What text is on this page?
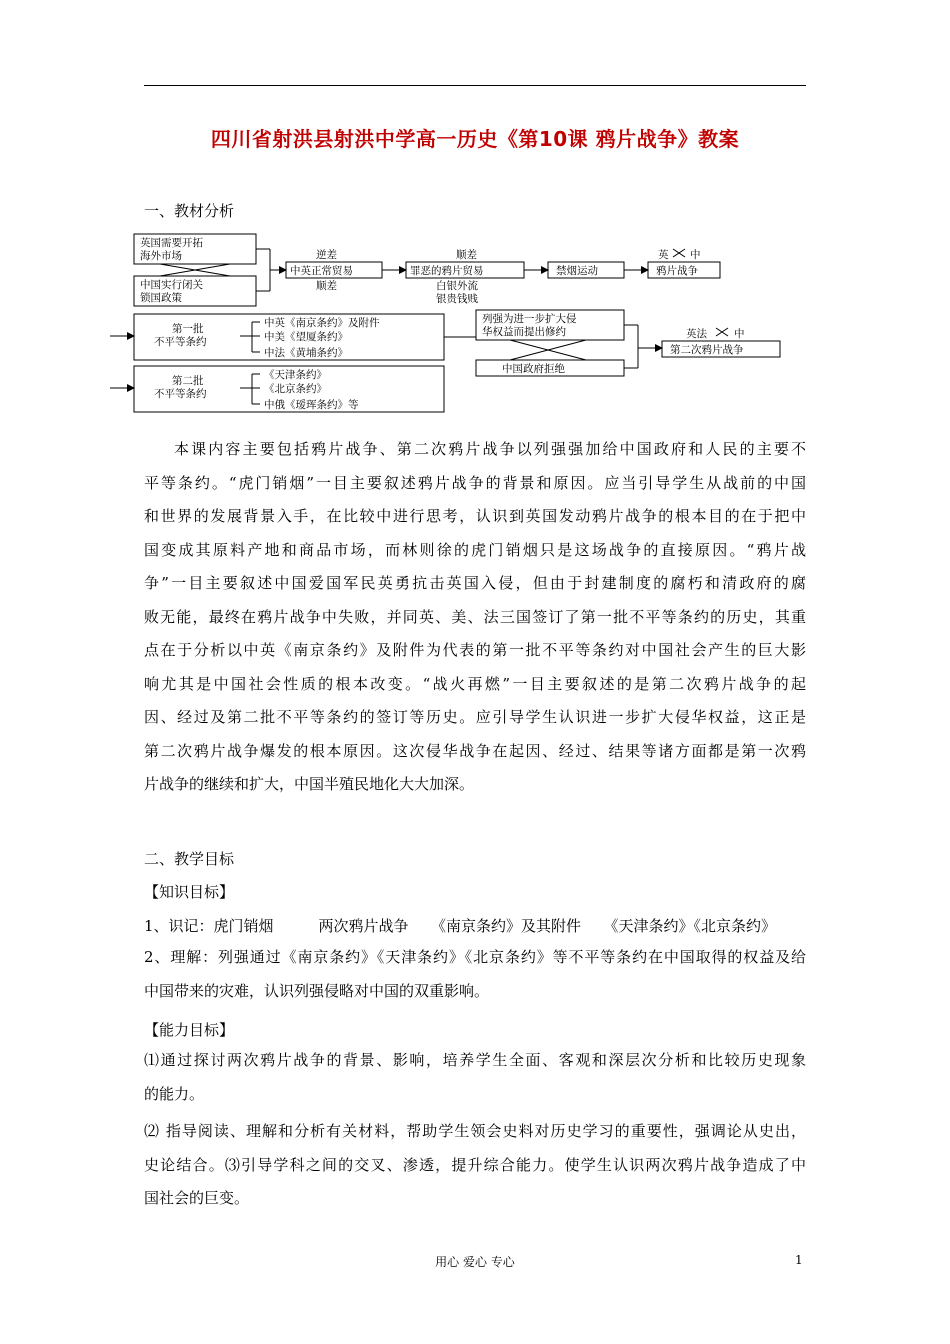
四川省射洪县射洪中学高一历史《第10课 鸦片战争》教案
一、教材分析
英国需要开拓
海外市场
中国实行闭关
锁国政策
逆差
中英正常贸易
顺差
顺差
罪恶的鸦片贸易
白银外流
银贵钱贱
禁烟运动
英 中
鸦片战争
第一批
不平等条约
中英《南京条约》及附件
中美《望厦条约》
中法《黄埔条约》
列强为进一步扩大侵
华权益而提出修约
中国政府拒绝
英法	中
第二次鸦片战争
第二批
不平等条约
《天津条约》
《北京条约》
中俄《瑷珲条约》等

本课内容主要包括鸦片战争、第二次鸦片战争以列强强加给中国政府和人民的主要不

平等条约。“虎门销烟”一目主要叙述鸦片战争的背景和原因。应当引导学生从战前的中国

和世界的发展背景入手，在比较中进行思考，认识到英国发动鸦片战争的根本目的在于把中

国变成其原料产地和商品市场，而林则徐的虎门销烟只是这场战争的直接原因。“鸦片战

争”一目主要叙述中国爱国军民英勇抗击英国入侵，但由于封建制度的腐朽和清政府的腐

败无能，最终在鸦片战争中失败，并同英、美、法三国签订了第一批不平等条约的历史，其重

点在于分析以中英《南京条约》及附件为代表的第一批不平等条约对中国社会产生的巨大影

响尤其是中国社会性质的根本改变。“战火再燃”一目主要叙述的是第二次鸦片战争的起

因、经过及第二批不平等条约的签订等历史。应引导学生认识进一步扩大侵华权益，这正是

第二次鸦片战争爆发的根本原因。这次侵华战争在起因、经过、结果等诸方面都是第一次鸦

片战争的继续和扩大，中国半殖民地化大大加深。

二、教学目标
【知识目标】
1、识记：虎门销烟　　　两次鸦片战争　　《南京条约》及其附件　　《天津条约》《北京条约》

2、理解：列强通过《南京条约》《天津条约》《北京条约》等不平等条约在中国取得的权益及给

中国带来的灾难，认识列强侵略对中国的双重影响。

【能力目标】

⑴通过探讨两次鸦片战争的背景、影响，培养学生全面、客观和深层次分析和比较历史现象

的能力。

⑵ 指导阅读、理解和分析有关材料，帮助学生领会史料对历史学习的重要性，强调论从史出，

史论结合。⑶引导学科之间的交叉、渗透，提升综合能力。使学生认识两次鸦片战争造成了中

国社会的巨变。

用心 爱心 专心	1
